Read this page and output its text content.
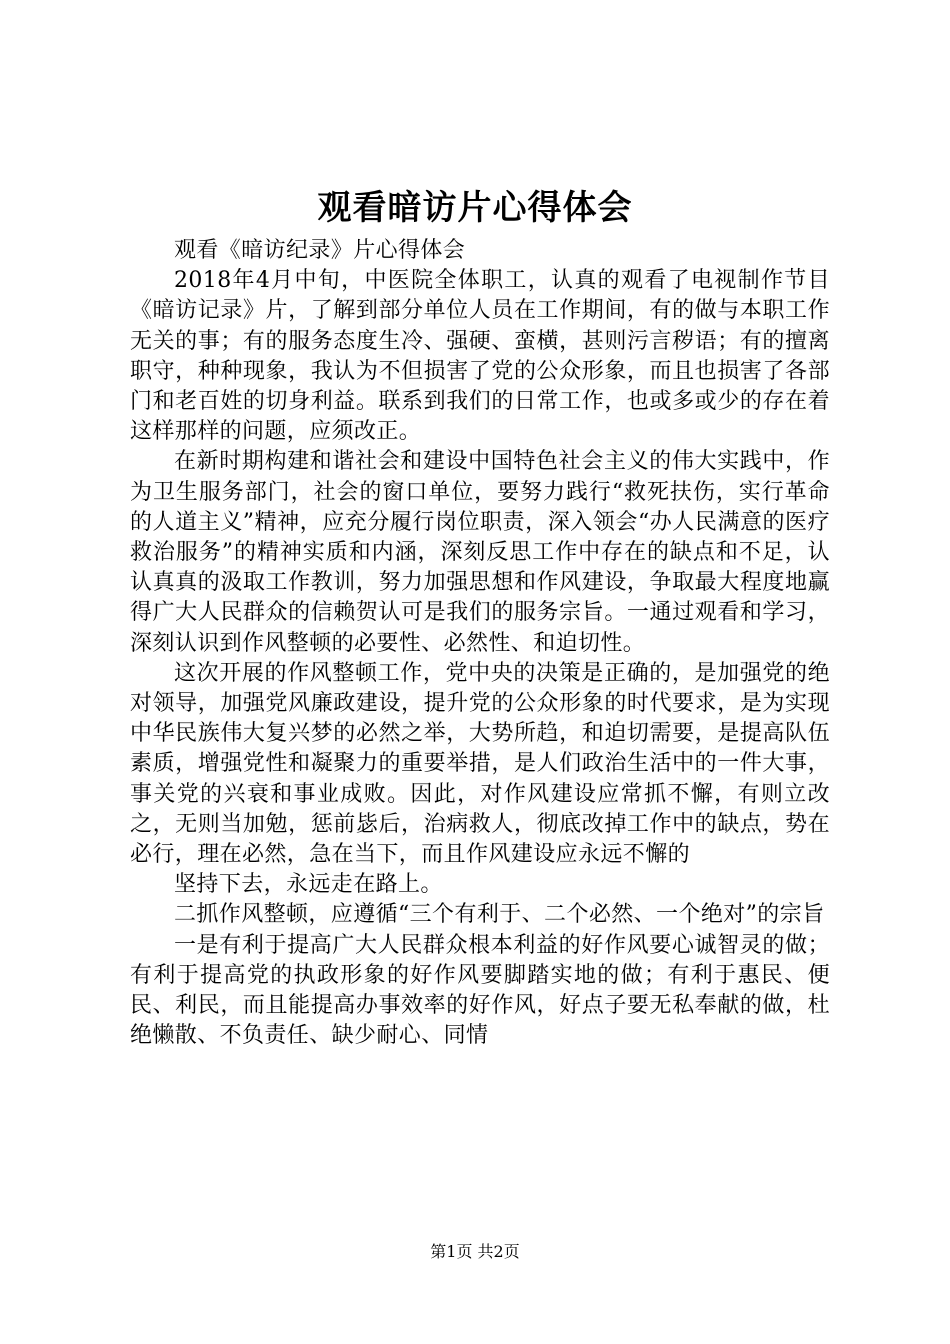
观看暗访片心得体会

观看《暗访纪录》片心得体会

2018年4月中旬，中医院全体职工，认真的观看了电视制作节目《暗访记录》片，了解到部分单位人员在工作期间，有的做与本职工作无关的事；有的服务态度生冷、强硬、蛮横，甚则污言秽语；有的擅离职守，种种现象，我认为不但损害了党的公众形象，而且也损害了各部门和老百姓的切身利益。联系到我们的日常工作，也或多或少的存在着这样那样的问题，应须改正。

在新时期构建和谐社会和建设中国特色社会主义的伟大实践中，作为卫生服务部门，社会的窗口单位，要努力践行“救死扶伤，实行革命的人道主义”精神，应充分履行岗位职责，深入领会“办人民满意的医疗救治服务”的精神实质和内涵，深刻反思工作中存在的缺点和不足，认认真真的汲取工作教训，努力加强思想和作风建设，争取最大程度地赢得广大人民群众的信赖贺认可是我们的服务宗旨。一通过观看和学习，深刻认识到作风整顿的必要性、必然性、和迫切性。

这次开展的作风整顿工作，党中央的决策是正确的，是加强党的绝对领导，加强党风廉政建设，提升党的公众形象的时代要求，是为实现中华民族伟大复兴梦的必然之举，大势所趋，和迫切需要，是提高队伍素质，增强党性和凝聚力的重要举措，是人们政治生活中的一件大事，事关党的兴衰和事业成败。因此，对作风建设应常抓不懈，有则立改之，无则当加勉，惩前毖后，治病救人，彻底改掉工作中的缺点，势在必行，理在必然，急在当下，而且作风建设应永远不懈的

坚持下去，永远走在路上。

二抓作风整顿，应遵循“三个有利于、二个必然、一个绝对”的宗旨

一是有利于提高广大人民群众根本利益的好作风要心诚智灵的做；有利于提高党的执政形象的好作风要脚踏实地的做；有利于惠民、便民、利民，而且能提高办事效率的好作风，好点子要无私奉献的做，杜绝懒散、不负责任、缺少耐心、同情

第1页 共2页
